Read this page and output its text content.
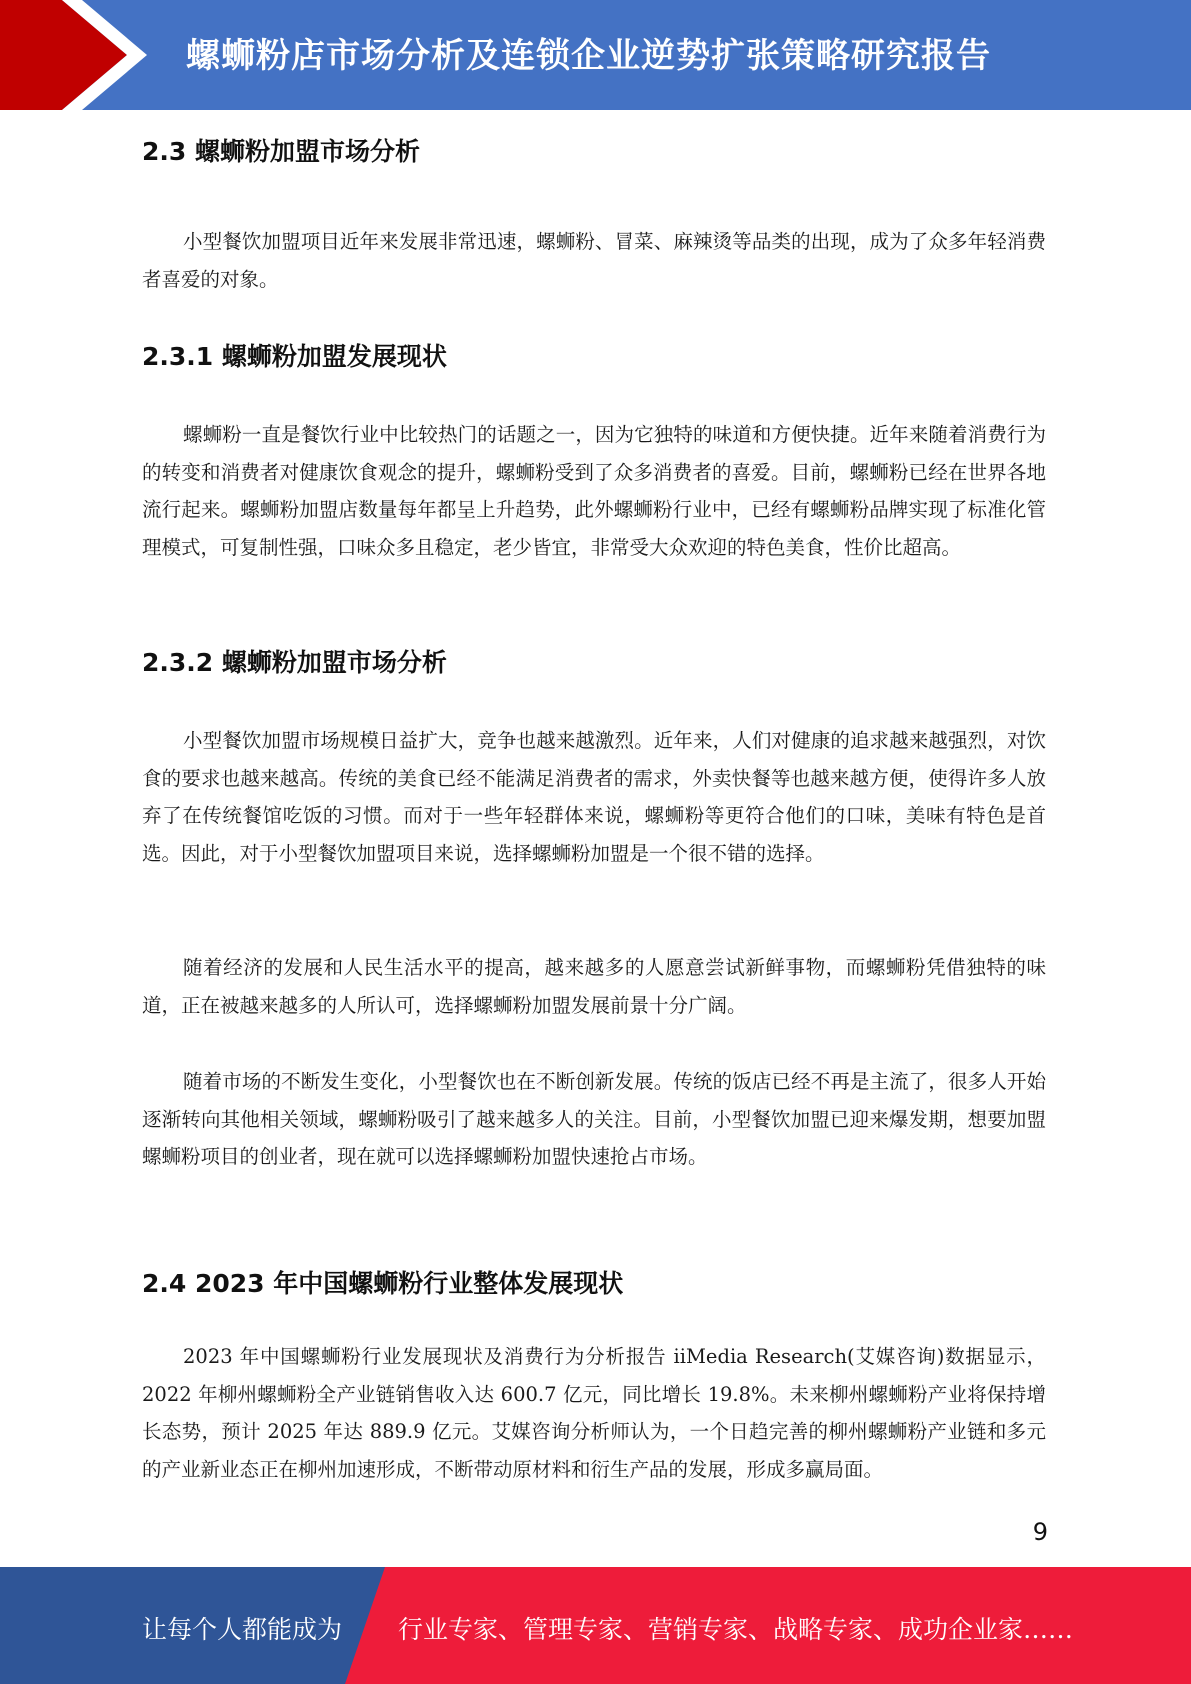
螺蛳粉店市场分析及连锁企业逆势扩张策略研究报告
2.3 螺蛳粉加盟市场分析

小型餐饮加盟项目近年来发展非常迅速，螺蛳粉、冒菜、麻辣烫等品类的出现，成为了众多年轻消费者喜爱的对象。

2.3.1 螺蛳粉加盟发展现状

螺蛳粉一直是餐饮行业中比较热门的话题之一，因为它独特的味道和方便快捷。近年来随着消费行为的转变和消费者对健康饮食观念的提升，螺蛳粉受到了众多消费者的喜爱。目前，螺蛳粉已经在世界各地流行起来。螺蛳粉加盟店数量每年都呈上升趋势，此外螺蛳粉行业中，已经有螺蛳粉品牌实现了标准化管理模式，可复制性强，口味众多且稳定，老少皆宜，非常受大众欢迎的特色美食，性价比超高。

2.3.2 螺蛳粉加盟市场分析

小型餐饮加盟市场规模日益扩大，竞争也越来越激烈。近年来，人们对健康的追求越来越强烈，对饮食的要求也越来越高。传统的美食已经不能满足消费者的需求，外卖快餐等也越来越方便，使得许多人放弃了在传统餐馆吃饭的习惯。而对于一些年轻群体来说，螺蛳粉等更符合他们的口味，美味有特色是首选。因此，对于小型餐饮加盟项目来说，选择螺蛳粉加盟是一个很不错的选择。

随着经济的发展和人民生活水平的提高，越来越多的人愿意尝试新鲜事物，而螺蛳粉凭借独特的味道，正在被越来越多的人所认可，选择螺蛳粉加盟发展前景十分广阔。

随着市场的不断发生变化，小型餐饮也在不断创新发展。传统的饭店已经不再是主流了，很多人开始逐渐转向其他相关领域，螺蛳粉吸引了越来越多人的关注。目前，小型餐饮加盟已迎来爆发期，想要加盟螺蛳粉项目的创业者，现在就可以选择螺蛳粉加盟快速抢占市场。

2.4 2023 年中国螺蛳粉行业整体发展现状

2023 年中国螺蛳粉行业发展现状及消费行为分析报告 iiMedia Research(艾媒咨询)数据显示，2022 年柳州螺蛳粉全产业链销售收入达 600.7 亿元，同比增长 19.8%。未来柳州螺蛳粉产业将保持增长态势，预计 2025 年达 889.9 亿元。艾媒咨询分析师认为，一个日趋完善的柳州螺蛳粉产业链和多元的产业新业态正在柳州加速形成，不断带动原材料和衍生产品的发展，形成多赢局面。

9
让每个人都能成为 行业专家、管理专家、营销专家、战略专家、成功企业家……
